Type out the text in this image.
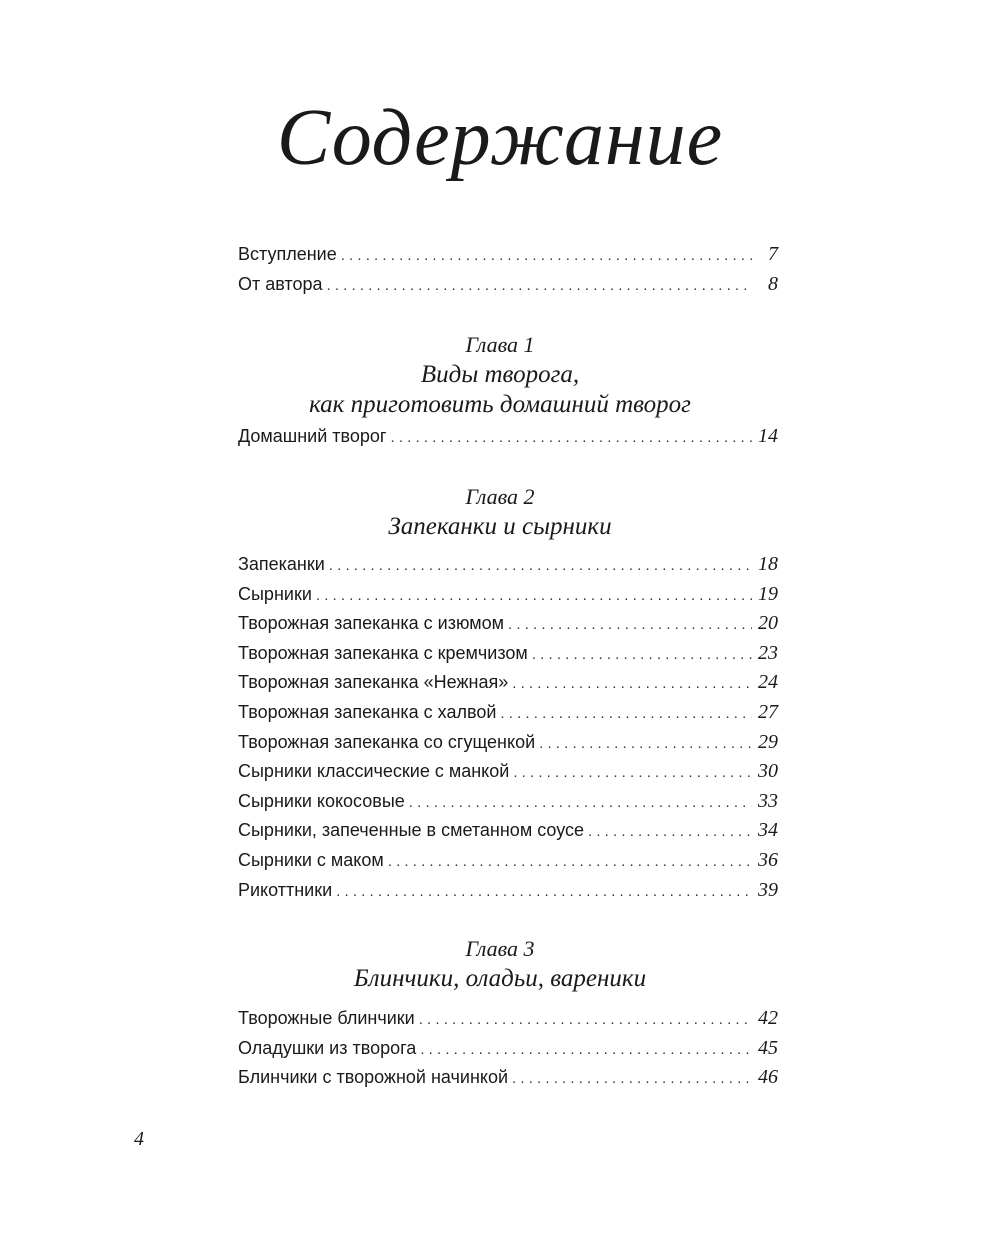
Содержание
Вступление . . .	7
От автора . . .	8
Глава 1
Виды творога,
как приготовить домашний творог
Домашний творог . . .	14
Глава 2
Запеканки и сырники
Запеканки . . .	18
Сырники . . .	19
Творожная запеканка с изюмом . . .	20
Творожная запеканка с кремчизом . . .	23
Творожная запеканка «Нежная» . . .	24
Творожная запеканка с халвой . . .	27
Творожная запеканка со сгущенкой . . .	29
Сырники классические с манкой . . .	30
Сырники кокосовые . . .	33
Сырники, запеченные в сметанном соусе . . .	34
Сырники с маком . . .	36
Рикоттники . . .	39
Глава 3
Блинчики, оладьи, вареники
Творожные блинчики . . .	42
Оладушки из творога . . .	45
Блинчики с творожной начинкой . . .	46
4
